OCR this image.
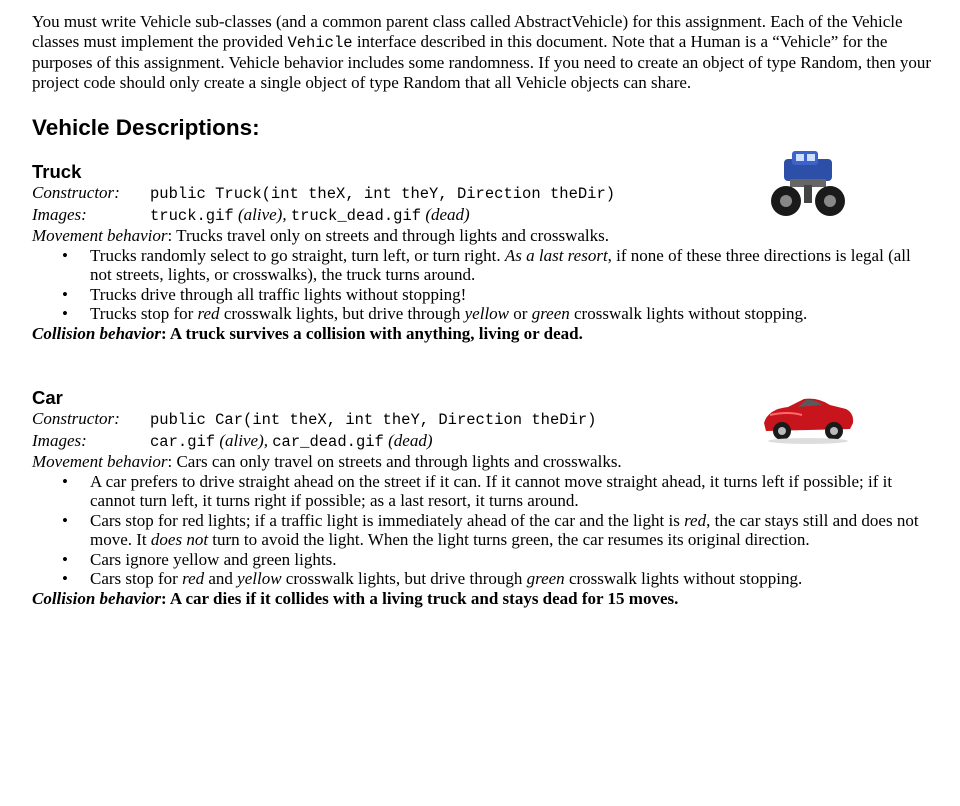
You must write Vehicle sub-classes (and a common parent class called AbstractVehicle) for this assignment. Each of the Vehicle classes must implement the provided Vehicle interface described in this document. Note that a Human is a “Vehicle” for the purposes of this assignment. Vehicle behavior includes some randomness. If you need to create an object of type Random, then your project code should only create a single object of type Random that all Vehicle objects can share.

Vehicle Descriptions:
Truck
Constructor:	public Truck(int theX, int theY, Direction theDir)
Images:	truck.gif (alive), truck_dead.gif (dead)
Movement behavior: Trucks travel only on streets and through lights and crosswalks.
• Trucks randomly select to go straight, turn left, or turn right. As a last resort, if none of these three directions is legal (all not streets, lights, or crosswalks), the truck turns around.
• Trucks drive through all traffic lights without stopping!
• Trucks stop for red crosswalk lights, but drive through yellow or green crosswalk lights without stopping.
Collision behavior: A truck survives a collision with anything, living or dead.
Car
Constructor:	public Car(int theX, int theY, Direction theDir)
Images:	car.gif (alive), car_dead.gif (dead)
Movement behavior: Cars can only travel on streets and through lights and crosswalks.
• A car prefers to drive straight ahead on the street if it can. If it cannot move straight ahead, it turns left if possible; if it cannot turn left, it turns right if possible; as a last resort, it turns around.
• Cars stop for red lights; if a traffic light is immediately ahead of the car and the light is red, the car stays still and does not move. It does not turn to avoid the light. When the light turns green, the car resumes its original direction.
• Cars ignore yellow and green lights.
• Cars stop for red and yellow crosswalk lights, but drive through green crosswalk lights without stopping.
Collision behavior: A car dies if it collides with a living truck and stays dead for 15 moves.
